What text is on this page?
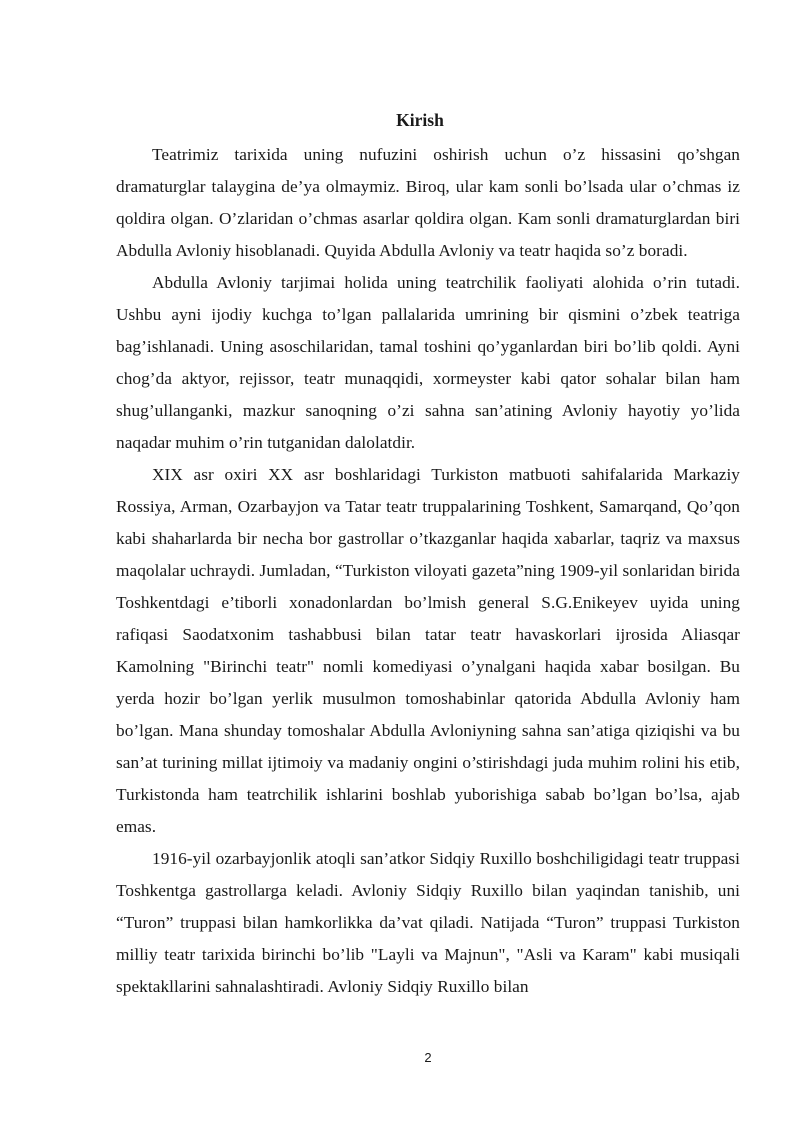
Kirish

Teatrimiz tarixida uning nufuzini oshirish uchun o’z hissasini qo’shgan dramaturglar talaygina de’ya olmaymiz. Biroq, ular kam sonli bo’lsada ular o’chmas iz qoldira olgan. O’zlaridan o’chmas asarlar qoldira olgan. Kam sonli dramaturglardan biri Abdulla Avloniy hisoblanadi. Quyida Abdulla Avloniy va teatr haqida so’z boradi.

Abdulla Avloniy tarjimai holida uning teatrchilik faoliyati alohida o’rin tutadi. Ushbu ayni ijodiy kuchga to’lgan pallalarida umrining bir qismini o’zbek teatriga bag’ishlanadi. Uning asoschilaridan, tamal toshini qo’yganlardan biri bo’lib qoldi. Ayni chog’da aktyor, rejissor, teatr munaqqidi, xormeyster kabi qator sohalar bilan ham shug’ullanganki, mazkur sanoqning o’zi sahna san’atining Avloniy hayotiy yo’lida naqadar muhim o’rin tutganidan dalolatdir.

XIX asr oxiri XX asr boshlaridagi Turkiston matbuoti sahifalarida Markaziy Rossiya, Arman, Ozarbayjon va Tatar teatr truppalarining Toshkent, Samarqand, Qo’qon kabi shaharlarda bir necha bor gastrollar o’tkazganlar haqida xabarlar, taqriz va maxsus maqolalar uchraydi. Jumladan, “Turkiston viloyati gazeta”ning 1909-yil sonlaridan birida Toshkentdagi e’tiborli xonadonlardan bo’lmish general S.G.Enikeyev uyida uning rafiqasi Saodatxonim tashabbusi bilan tatar teatr havaskorlari ijrosida Aliasqar Kamolning "Birinchi teatr" nomli komediyasi o’ynalgani haqida xabar bosilgan. Bu yerda hozir bo’lgan yerlik musulmon tomoshabinlar qatorida Abdulla Avloniy ham bo’lgan. Mana shunday tomoshalar Abdulla Avloniyning sahna san’atiga qiziqishi va bu san’at turining millat ijtimoiy va madaniy ongini o’stirishdagi juda muhim rolini his etib, Turkistonda ham teatrchilik ishlarini boshlab yuborishiga sabab bo’lgan bo’lsa, ajab emas.

1916-yil ozarbayjonlik atoqli san’atkor Sidqiy Ruxillo boshchiligidagi teatr truppasi Toshkentga gastrollarga keladi. Avloniy Sidqiy Ruxillo bilan yaqindan tanishib, uni “Turon” truppasi bilan hamkorlikka da’vat qiladi. Natijada “Turon” truppasi Turkiston milliy teatr tarixida birinchi bo’lib "Layli va Majnun", "Asli va Karam" kabi musiqali spektakllarini sahnalashtiradi. Avloniy Sidqiy Ruxillo bilan

2
